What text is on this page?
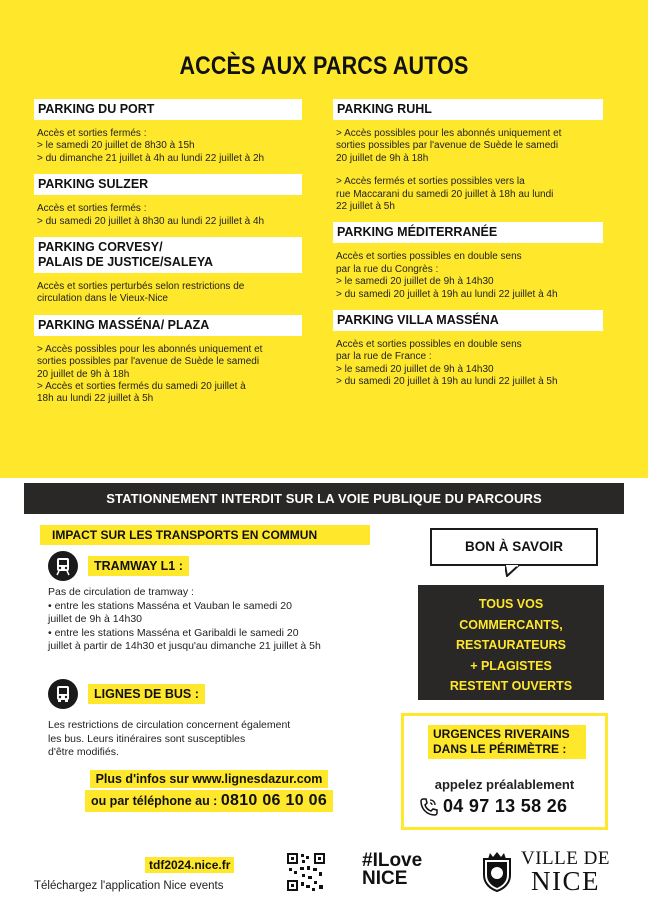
ACCÈS AUX PARCS AUTOS
PARKING DU PORT
Accès et sorties fermés :
> le samedi 20 juillet de 8h30 à 15h
> du dimanche 21 juillet à 4h au lundi 22 juillet à 2h
PARKING SULZER
Accès et sorties fermés :
> du samedi 20 juillet à 8h30 au lundi 22 juillet à 4h
PARKING CORVESY/
PALAIS DE JUSTICE/SALEYA
Accès et sorties perturbés selon restrictions de
circulation dans le Vieux-Nice
PARKING MASSÉNA/ PLAZA
> Accès possibles pour les abonnés uniquement et
sorties possibles par l'avenue de Suède le samedi
20 juillet de 9h à 18h
> Accès et sorties fermés du samedi 20 juillet à
18h au lundi 22 juillet à 5h
PARKING RUHL
> Accès possibles pour les abonnés uniquement et
sorties possibles par l'avenue de Suède le samedi
20 juillet de 9h à 18h
> Accès fermés et sorties possibles vers la
rue Maccarani du samedi 20 juillet à 18h au lundi
22 juillet à 5h
PARKING MÉDITERRANÉE
Accès et sorties possibles en double sens
par la rue du Congrès :
> le samedi 20 juillet de 9h à 14h30
> du samedi 20 juillet à 19h au lundi 22 juillet à 4h
PARKING VILLA MASSÉNA
Accès et sorties possibles en double sens
par la rue de France :
> le samedi 20 juillet de 9h à 14h30
> du samedi 20 juillet à 19h au lundi 22 juillet à 5h
STATIONNEMENT INTERDIT SUR LA VOIE PUBLIQUE DU PARCOURS
IMPACT SUR LES TRANSPORTS EN COMMUN
TRAMWAY L1 :
Pas de circulation de tramway :
• entre les stations Masséna et Vauban le samedi 20
juillet de 9h à 14h30
• entre les stations Masséna et Garibaldi le samedi 20
juillet à partir de 14h30 et jusqu'au dimanche 21 juillet à 5h
LIGNES DE BUS :
Les restrictions de circulation concernent également
les bus. Leurs itinéraires sont susceptibles
d'être modifiés.
Plus d'infos sur www.lignesdazur.com
ou par téléphone au : 0810 06 10 06
BON À SAVOIR
TOUS VOS
COMMERCANTS,
RESTAURATEURS
+ PLAGISTES
RESTENT OUVERTS
URGENCES RIVERAINS
DANS LE PÉRIMÈTRE :
appelez préalablement
04 97 13 58 26
tdf2024.nice.fr
Téléchargez l'application Nice events
#ILove
NICE
VILLE DE
NICE
